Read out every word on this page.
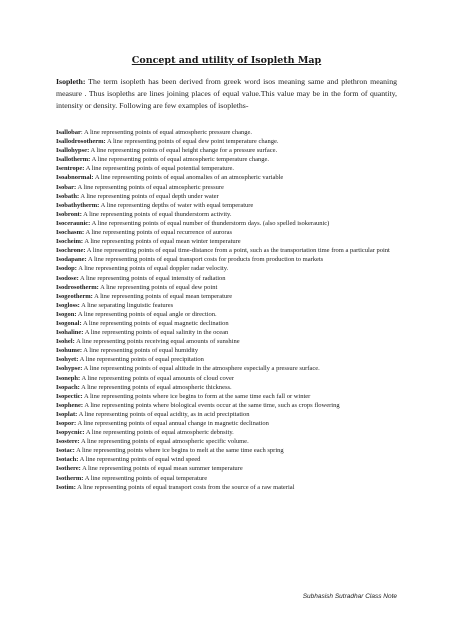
Concept and utility of Isopleth Map
Isopleth: The term isopleth has been derived from greek word isos meaning same and plethron meaning measure . Thus isopleths are lines joining places of equal value.This value may be in the form of quantity, intensity or density. Following are few examples of isopleths-
Isallobar: A line representing points of equal atmospheric pressure change.
Isallodrosotherm: A line representing points of equal dew point temperature change.
Isallohypse: A line representing points of equal height change for a pressure surface.
Isallotherm: A line representing points of equal atmospheric temperature change.
Isentrope: A line representing points of equal potential temperature.
Isoabnormal: A line representing points of equal anomalies of an atmospheric variable
Isobar: A line representing points of equal atmospheric pressure
Isobath: A line representing points of equal depth under water
Isobathytherm: A line representing depths of water with equal temperature
Isobront: A line representing points of equal thunderstorm activity.
Isoceraunic: A line representing points of equal number of thunderstorm days. (also spelled isokeraunic)
Isochasm: A line representing points of equal recurrence of auroras
Isocheim: A line representing points of equal mean winter temperature
Isochrone: A line representing points of equal time-distance from a point, such as the transportation time from a particular point
Isodapane: A line representing points of equal transport costs for products from production to markets
Isodop: A line representing points of equal doppler radar velocity.
Isodose: A line representing points of equal intensity of radiation
Isodrosotherm: A line representing points of equal dew point
Isogeotherm: A line representing points of equal mean temperature
Isogloss: A line separating linguistic features
Isogon: A line representing points of equal angle or direction.
Isogonal: A line representing points of equal magnetic declination
Isohaline: A line representing points of equal salinity in the ocean
Isohel: A line representing points receiving equal amounts of sunshine
Isohume: A line representing points of equal humidity
Isohyet: A line representing points of equal precipitation
Isohypse: A line representing points of equal altitude in the atmosphere especially a pressure surface.
Isoneph: A line representing points of equal amounts of cloud cover
Isopach: A line representing points of equal atmospheric thickness.
Isopectic: A line representing points where ice begins to form at the same time each fall or winter
Isophene: A line representing points where biological events occur at the same time, such as crops flowering
Isoplat: A line representing points of equal acidity, as in acid precipitation
Isopor: A line representing points of equal annual change in magnetic declination
Isopycnic: A line representing points of equal atmospheric debnsity.
Isostere: A line representing points of equal atmospheric specific volume.
Isotac: A line representing points where ice begins to melt at the same time each spring
Isotach: A line representing points of equal wind speed
Isothere: A line representing points of equal mean summer temperature
Isotherm: A line representing points of equal temperature
Isotim: A line representing points of equal transport costs from the source of a raw material
Subhasish Sutradhar Class Note
